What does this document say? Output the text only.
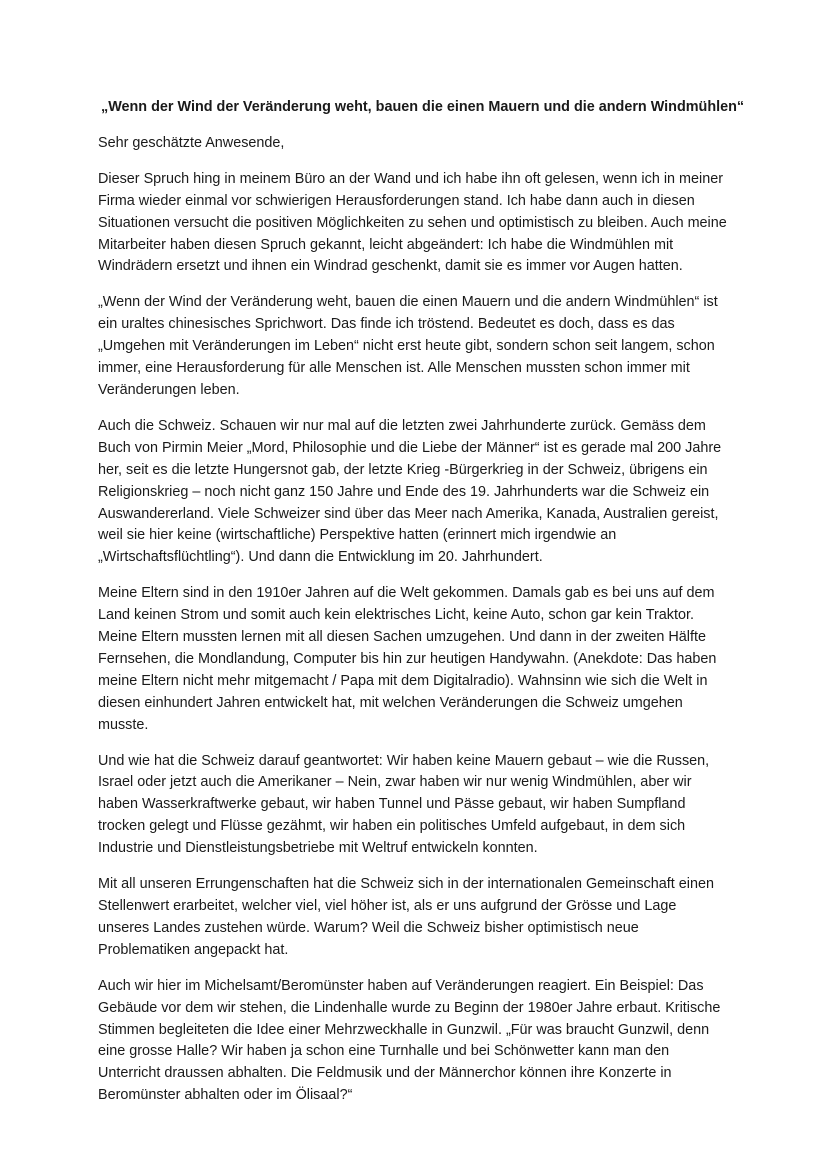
„Wenn der Wind der Veränderung weht, bauen die einen Mauern und die andern Windmühlen“

Sehr geschätzte Anwesende,

Dieser Spruch hing in meinem Büro an der Wand und ich habe ihn oft gelesen, wenn ich in meiner Firma wieder einmal vor schwierigen Herausforderungen stand. Ich habe dann auch in diesen Situationen versucht die positiven Möglichkeiten zu sehen und optimistisch zu bleiben. Auch meine Mitarbeiter haben diesen Spruch gekannt, leicht abgeändert: Ich habe die Windmühlen mit Windrädern ersetzt und ihnen ein Windrad geschenkt, damit sie es immer vor Augen hatten.

„Wenn der Wind der Veränderung weht, bauen die einen Mauern und die andern Windmühlen“ ist ein uraltes chinesisches Sprichwort. Das finde ich tröstend. Bedeutet es doch, dass es das „Umgehen mit Veränderungen im Leben“ nicht erst heute gibt, sondern schon seit langem, schon immer, eine Herausforderung für alle Menschen ist. Alle Menschen mussten schon immer mit Veränderungen leben.

Auch die Schweiz. Schauen wir nur mal auf die letzten zwei Jahrhunderte zurück. Gemäss dem Buch von Pirmin Meier „Mord, Philosophie und die Liebe der Männer“ ist es gerade mal 200 Jahre her, seit es die letzte Hungersnot gab, der letzte Krieg -Bürgerkrieg in der Schweiz, übrigens ein Religionskrieg – noch nicht ganz 150 Jahre und Ende des 19. Jahrhunderts war die Schweiz ein Auswandererland. Viele Schweizer sind über das Meer nach Amerika, Kanada, Australien gereist, weil sie hier keine (wirtschaftliche) Perspektive hatten (erinnert mich irgendwie an „Wirtschaftsflüchtling“). Und dann die Entwicklung im 20. Jahrhundert.

Meine Eltern sind in den 1910er Jahren auf die Welt gekommen. Damals gab es bei uns auf dem Land keinen Strom und somit auch kein elektrisches Licht, keine Auto, schon gar kein Traktor. Meine Eltern mussten lernen mit all diesen Sachen umzugehen. Und dann in der zweiten Hälfte Fernsehen, die Mondlandung, Computer bis hin zur heutigen Handywahn. (Anekdote: Das haben meine Eltern nicht mehr mitgemacht / Papa mit dem Digitalradio). Wahnsinn wie sich die Welt in diesen einhundert Jahren entwickelt hat, mit welchen Veränderungen die Schweiz umgehen musste.

Und wie hat die Schweiz darauf geantwortet: Wir haben keine Mauern gebaut – wie die Russen, Israel oder jetzt auch die Amerikaner – Nein, zwar haben wir nur wenig Windmühlen, aber wir haben Wasserkraftwerke gebaut, wir haben Tunnel und Pässe gebaut, wir haben Sumpfland trocken gelegt und Flüsse gezähmt, wir haben ein politisches Umfeld aufgebaut, in dem sich Industrie und Dienstleistungsbetriebe mit Weltruf entwickeln konnten.

Mit all unseren Errungenschaften hat die Schweiz sich in der internationalen Gemeinschaft einen Stellenwert erarbeitet, welcher viel, viel höher ist, als er uns aufgrund der Grösse und Lage unseres Landes zustehen würde. Warum? Weil die Schweiz bisher optimistisch neue Problematiken angepackt hat.

Auch wir hier im Michelsamt/Beromünster haben auf Veränderungen reagiert. Ein Beispiel: Das Gebäude vor dem wir stehen, die Lindenhalle wurde zu Beginn der 1980er Jahre erbaut. Kritische Stimmen begleiteten die Idee einer Mehrzweckhalle in Gunzwil. „Für was braucht Gunzwil, denn eine grosse Halle? Wir haben ja schon eine Turnhalle und bei Schönwetter kann man den Unterricht draussen abhalten. Die Feldmusik und der Männerchor können ihre Konzerte in Beromünster abhalten oder im Ölisaal?“
